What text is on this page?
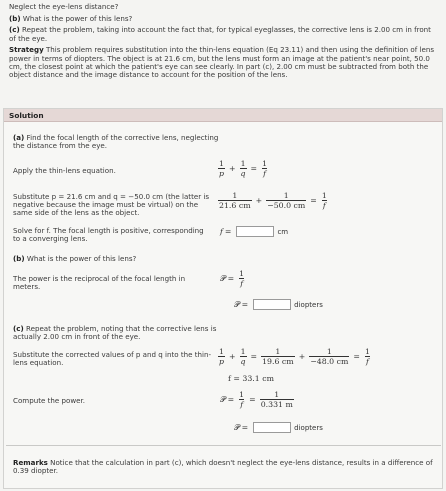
Neglect the eye-lens distance?

(b) What is the power of this lens?

(c) Repeat the problem, taking into account the fact that, for typical eyeglasses, the corrective lens is 2.00 cm in front of the eye.

Strategy This problem requires substitution into the thin-lens equation (Eq 23.11) and then using the definition of lens power in terms of diopters. The object is at 21.6 cm, but the lens must form an image at the patient's near point, 50.0 cm, the closest point at which the patient's eye can see clearly. In part (c), 2.00 cm must be subtracted from both the object distance and the image distance to account for the position of the lens.

Solution
(a) Find the focal length of the corrective lens, neglecting the distance from the eye.
Apply the thin-lens equation.	$\frac{1}{p} + \frac{1}{q} = \frac{1}{f}$
Substitute p = 21.6 cm and q = −50.0 cm (the latter is negative because the image must be virtual) on the same side of the lens as the object.
$\frac{1}{21.6 cm} + \frac{1}{-50.0 cm} = \frac{1}{f}$
Solve for f. The focal length is positive, corresponding to a converging lens.
f =	cm
(b) What is the power of this lens?
The power is the reciprocal of the focal length in meters.
𝒫 = $\frac{1}{f}$
𝒫 =	diopters
(c) Repeat the problem, noting that the corrective lens is actually 2.00 cm in front of the eye.
Substitute the corrected values of p and q into the thin-lens equation.	$\frac{1}{p} + \frac{1}{q} = \frac{1}{19.6 cm} + \frac{1}{-48.0 cm} = \frac{1}{f}$
f = 33.1 cm
Compute the power.	𝒫 = $\frac{1}{f} = \frac{1}{0.331 m}$
𝒫 =	diopters
Remarks Notice that the calculation in part (c), which doesn't neglect the eye-lens distance, results in a difference of 0.39 diopter.
